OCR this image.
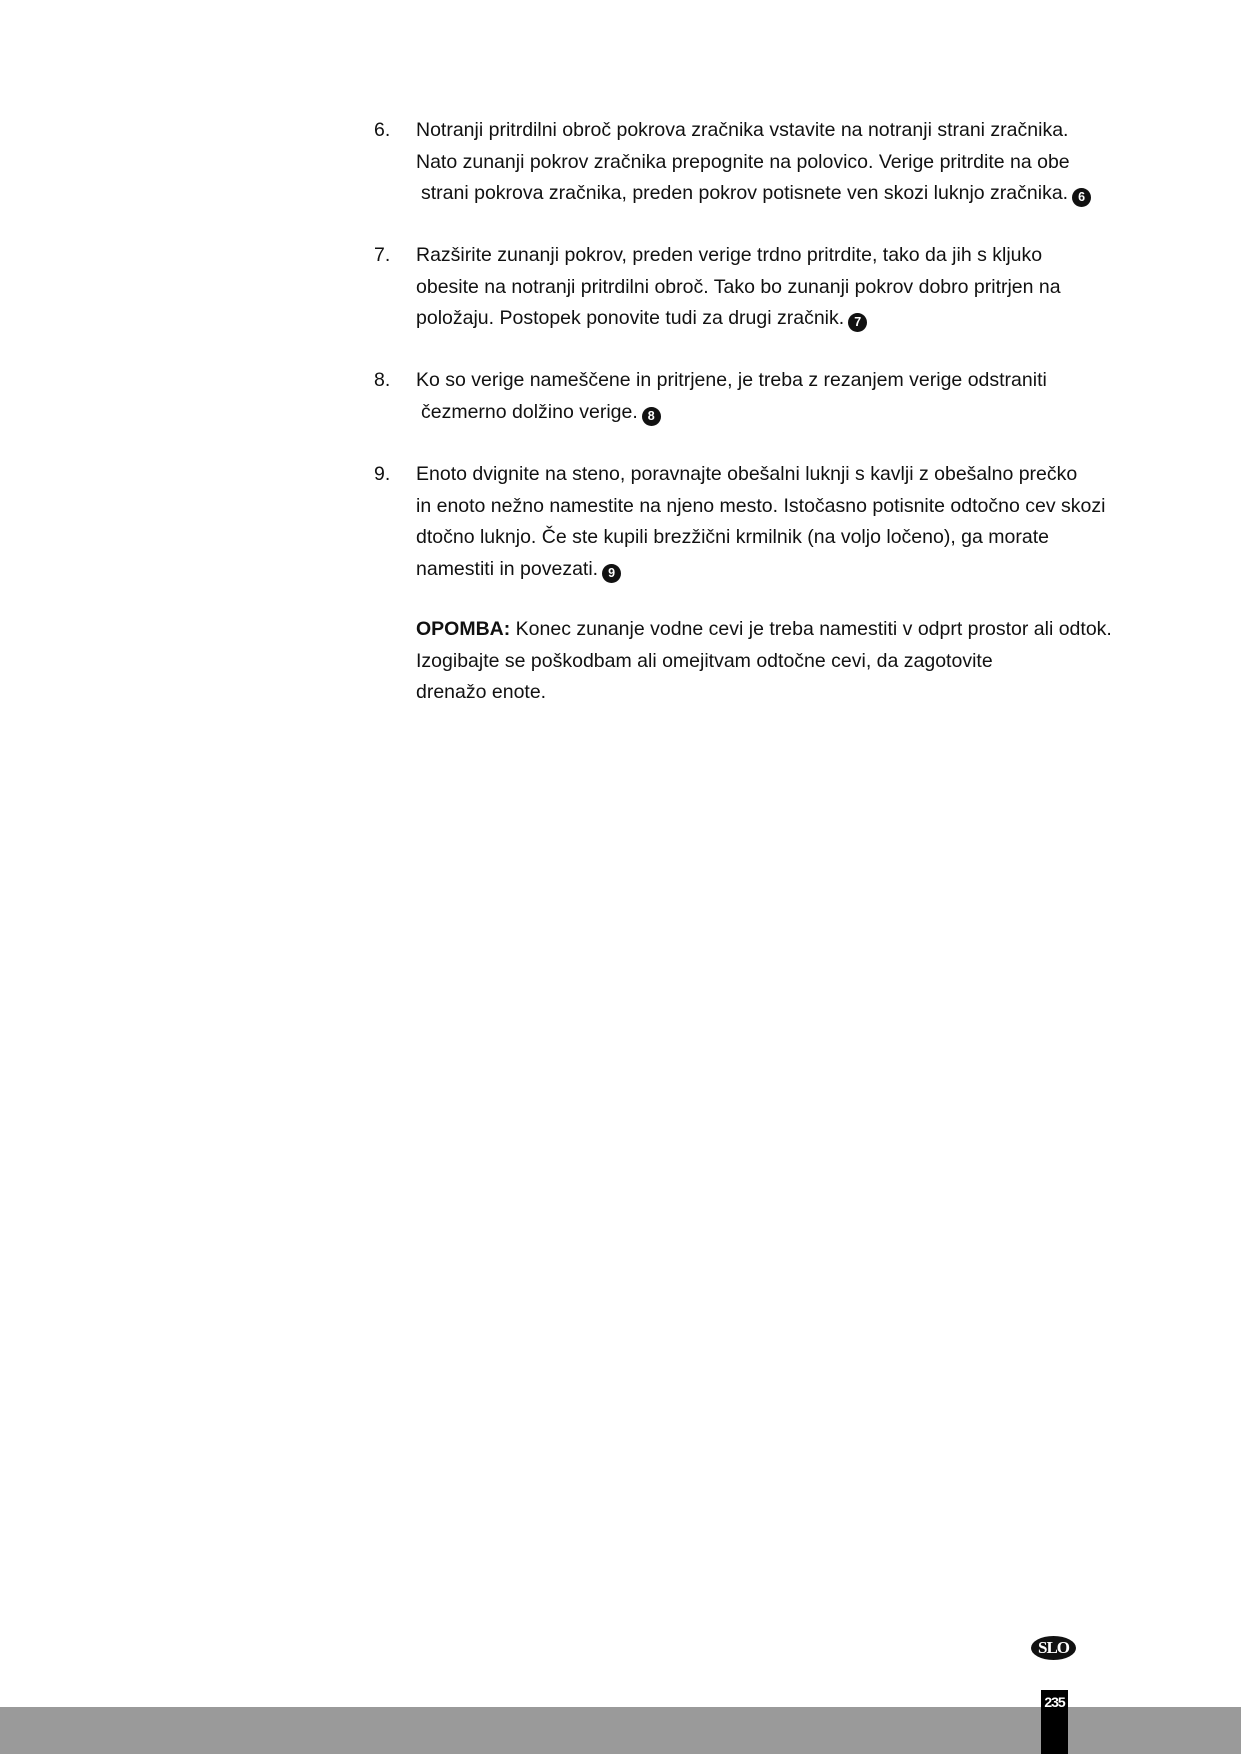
6.	Notranji pritrdilni obroč pokrova zračnika vstavite na notranji strani zračnika.
Nato zunanji pokrov zračnika prepognite na polovico. Verige pritrdite na obe
strani pokrova zračnika, preden pokrov potisnete ven skozi luknjo zračnika. 6
7.	Razširite zunanji pokrov, preden verige trdno pritrdite, tako da jih s kljuko
obesite na notranji pritrdilni obroč. Tako bo zunanji pokrov dobro pritrjen na
položaju. Postopek ponovite tudi za drugi zračnik. 7
8.	Ko so verige nameščene in pritrjene, je treba z rezanjem verige odstraniti
čezmerno dolžino verige. 8
9.	Enoto dvignite na steno, poravnajte obešalni luknji s kavlji z obešalno prečko
in enoto nežno namestite na njeno mesto. Istočasno potisnite odtočno cev skozi
dtočno luknjo. Če ste kupili brezžični krmilnik (na voljo ločeno), ga morate
namestiti in povezati. 9
OPOMBA: Konec zunanje vodne cevi je treba namestiti v odprt prostor ali odtok.
Izogibajte se poškodbam ali omejitvam odtočne cevi, da zagotovite
drenažo enote.
SLO
235
